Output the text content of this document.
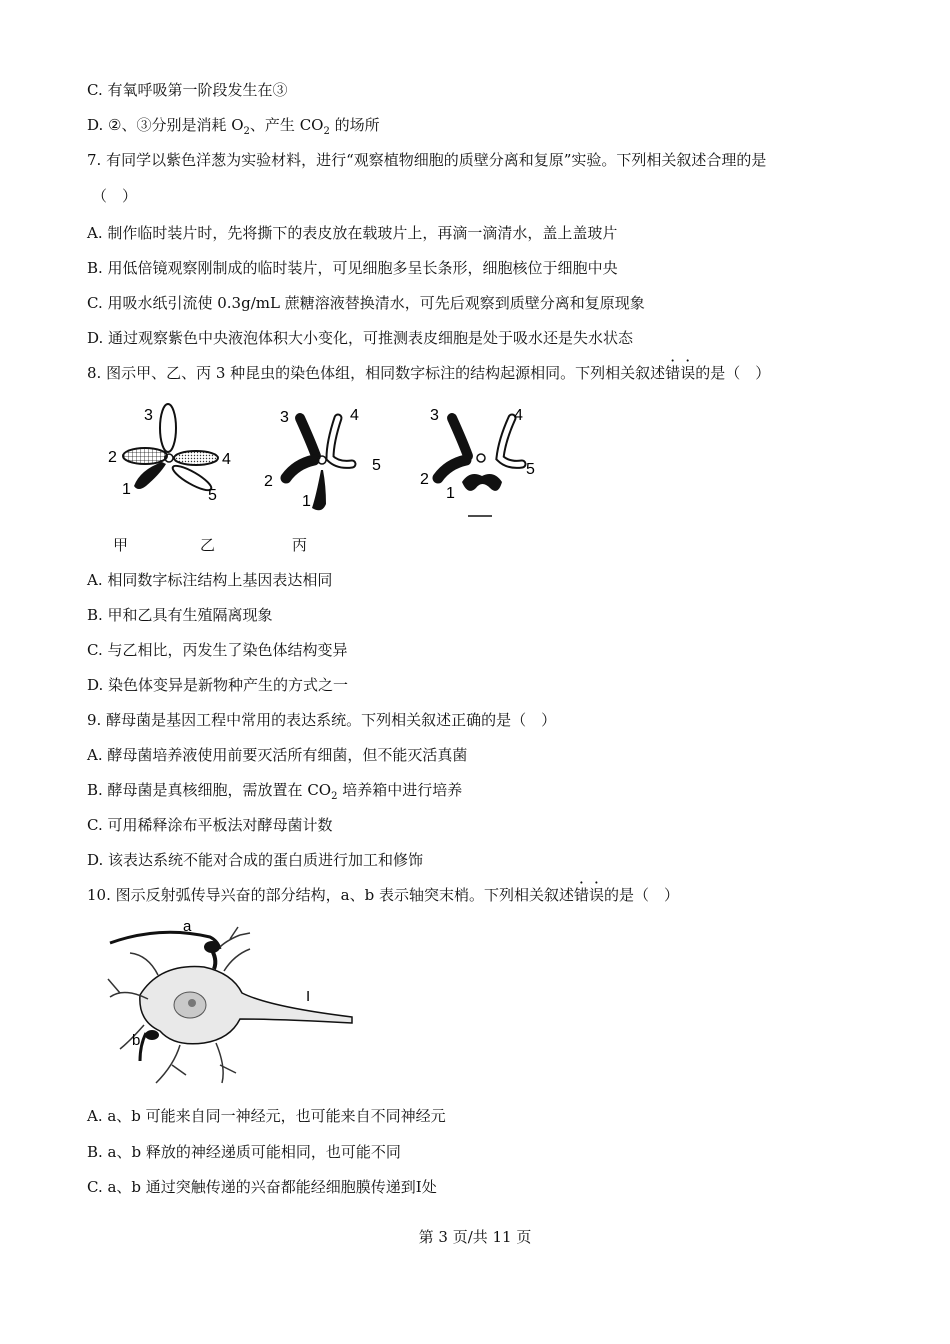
C. 有氧呼吸第一阶段发生在③
D. ②、③分别是消耗 $O_2$、产生 $CO_2$ 的场所
7. 有同学以紫色洋葱为实验材料，进行“观察植物细胞的质壁分离和复原”实验。下列相关叙述合理的是
（　）
A. 制作临时装片时，先将撕下的表皮放在载玻片上，再滴一滴清水，盖上盖玻片
B. 用低倍镜观察刚制成的临时装片，可见细胞多呈长条形，细胞核位于细胞中央
C. 用吸水纸引流使 0.3g/mL 蔗糖溶液替换清水，可先后观察到质壁分离和复原现象
D. 通过观察紫色中央液泡体积大小变化，可推测表皮细胞是处于吸水还是失水状态
8. 图示甲、乙、丙 3 种昆虫的染色体组，相同数字标注的结构起源相同。下列相关叙述错误的是（　）
3
2	4
1	5
3	4
2
5
1
3	4
2
5
1
甲	乙	丙
A. 相同数字标注结构上基因表达相同
B. 甲和乙具有生殖隔离现象
C. 与乙相比，丙发生了染色体结构变异
D. 染色体变异是新物种产生的方式之一
9. 酵母菌是基因工程中常用的表达系统。下列相关叙述正确的是（　）
A. 酵母菌培养液使用前要灭活所有细菌，但不能灭活真菌
B. 酵母菌是真核细胞，需放置在 $CO_2$ 培养箱中进行培养
C. 可用稀释涂布平板法对酵母菌计数
D. 该表达系统不能对合成的蛋白质进行加工和修饰
10. 图示反射弧传导兴奋的部分结构，a、b 表示轴突末梢。下列相关叙述错误的是（　）
a
b
I
A. a、b 可能来自同一神经元，也可能来自不同神经元
B. a、b 释放的神经递质可能相同，也可能不同
C. a、b 通过突触传递的兴奋都能经细胞膜传递到Ⅰ处
第 3 页/共 11 页
